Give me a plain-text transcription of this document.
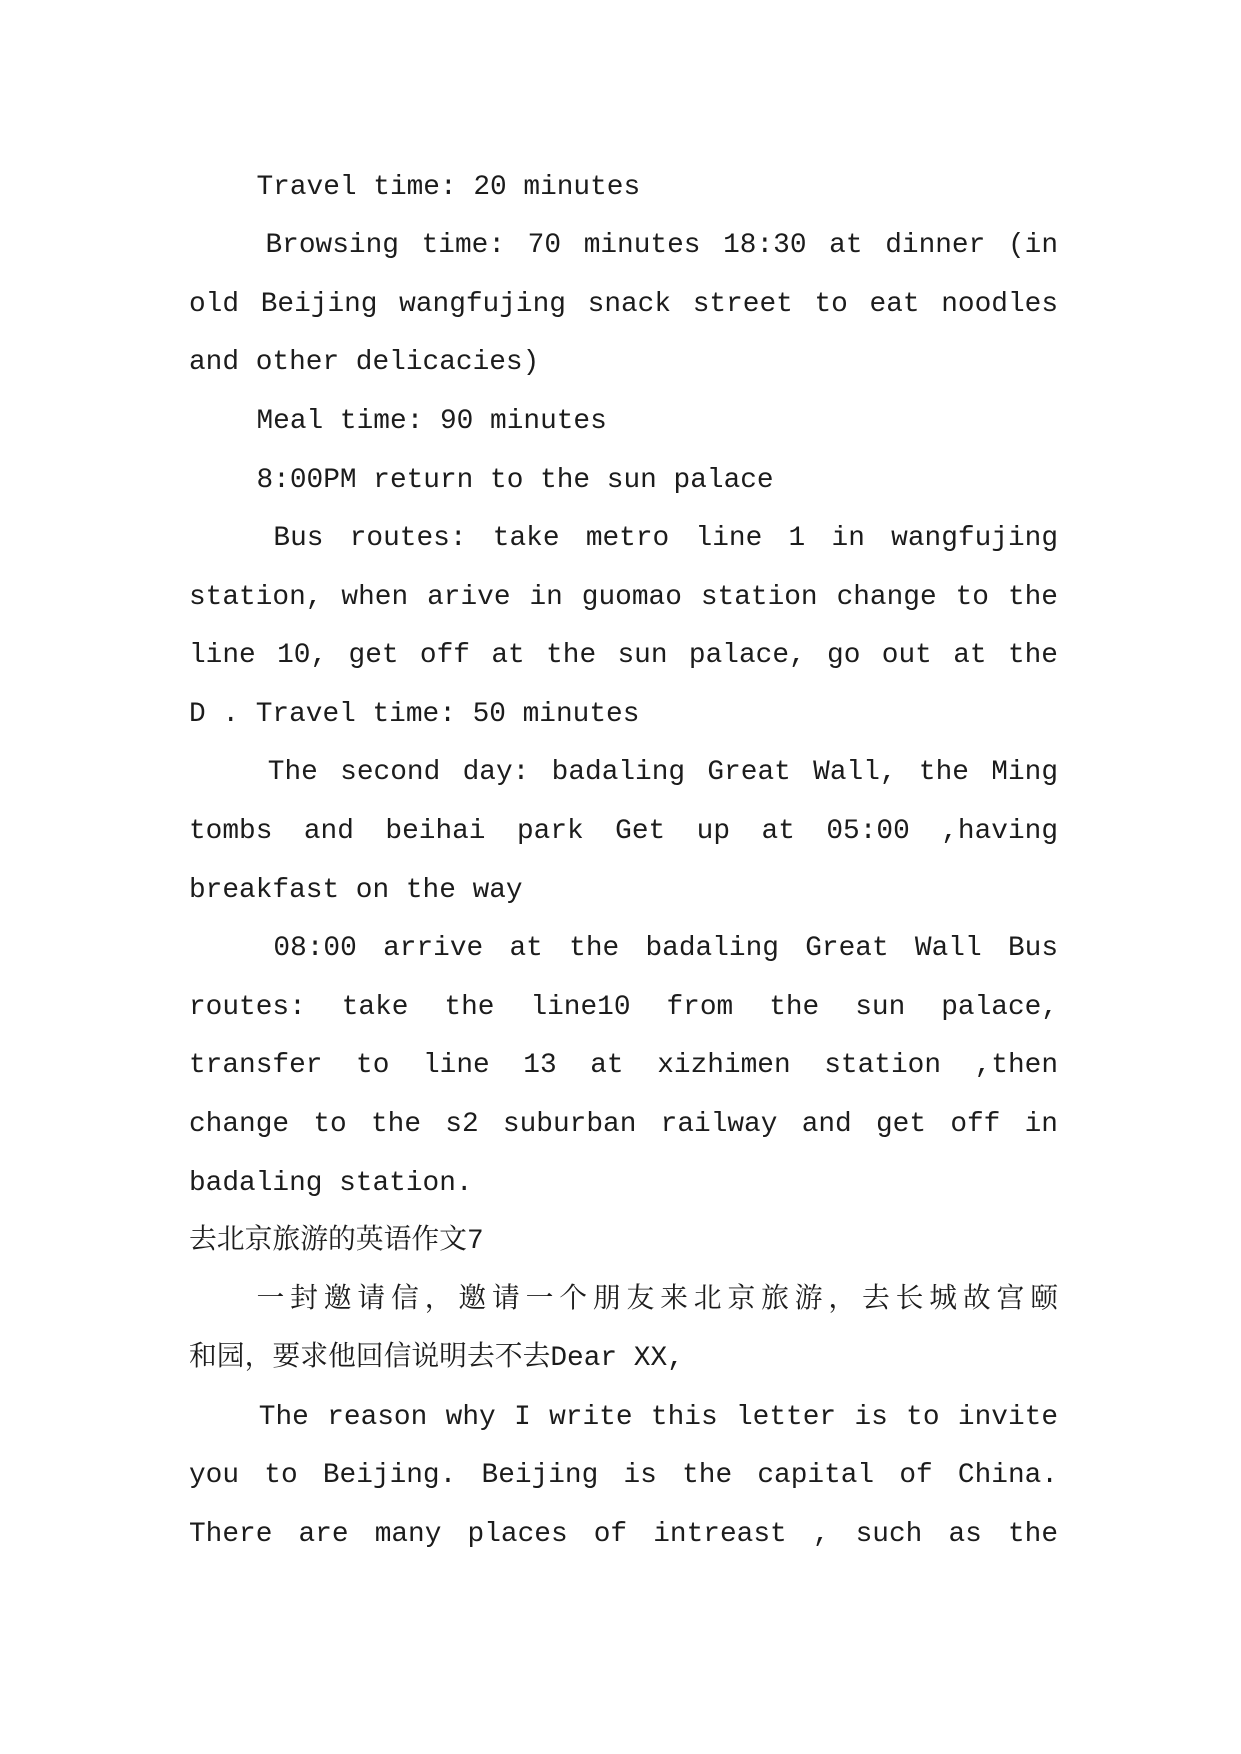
Travel time: 20 minutes
Browsing time: 70 minutes 18:30 at dinner (in
old Beijing wangfujing snack street to eat noodles
and other delicacies)
Meal time: 90 minutes
8:00PM return to the sun palace
Bus routes: take metro line 1 in wangfujing
station, when arive in guomao station change to the
line 10, get off at the sun palace, go out at the
D . Travel time: 50 minutes
The second day: badaling Great Wall, the Ming
tombs and beihai park Get up at 05:00 ,having
breakfast on the way
08:00 arrive at the badaling Great Wall Bus
routes: take the line10 from the sun palace,
transfer to line 13 at xizhimen station ,then
change to the s2 suburban railway and get off in
badaling station.
去北京旅游的英语作文7
一封邀请信，邀请一个朋友来北京旅游，去长城故宫颐
和园，要求他回信说明去不去Dear XX,
The reason why I write this letter is to invite
you to Beijing. Beijing is the capital of China.
There are many places of intreast , such as the
